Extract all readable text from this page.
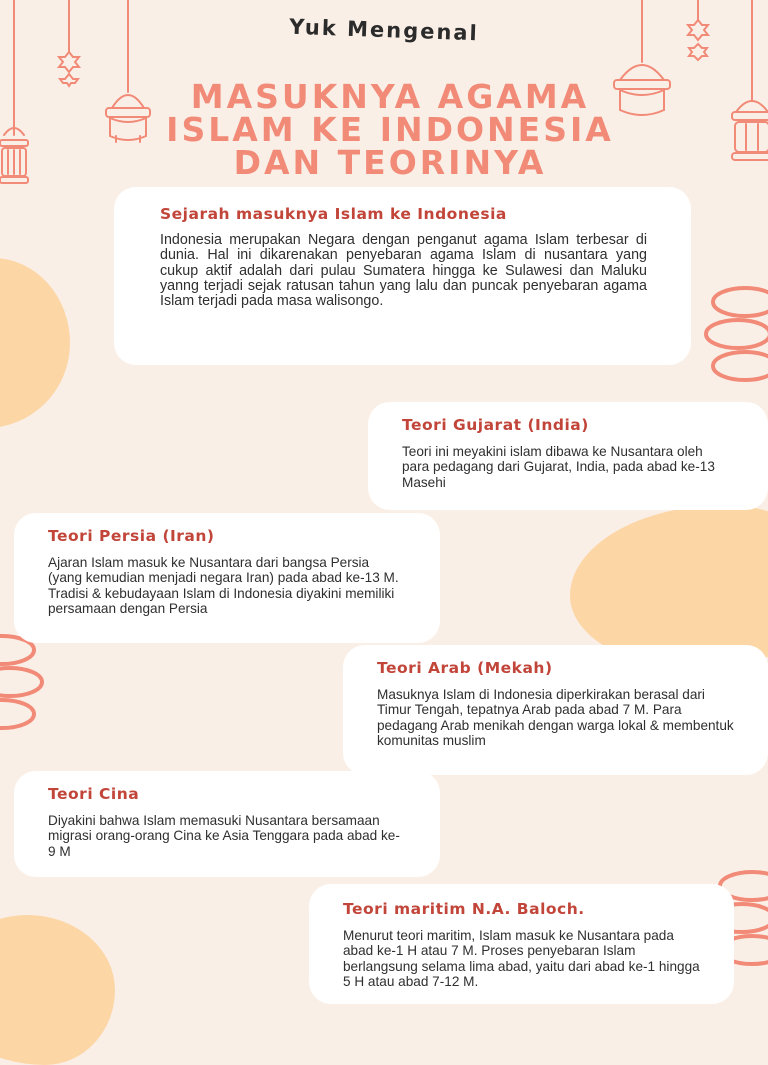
Yuk Mengenal
MASUKNYA AGAMA
ISLAM KE INDONESIA
DAN TEORINYA
Sejarah masuknya Islam ke Indonesia

Indonesia merupakan Negara dengan penganut agama Islam terbesar di dunia. Hal ini dikarenakan penyebaran agama Islam di nusantara yang cukup aktif adalah dari pulau Sumatera hingga ke Sulawesi dan Maluku yanng terjadi sejak ratusan tahun yang lalu dan puncak penyebaran agama Islam terjadi pada masa walisongo.

Teori Gujarat (India)

Teori ini meyakini islam dibawa ke Nusantara oleh para pedagang dari Gujarat, India, pada abad ke-13 Masehi

Teori Persia (Iran)

Ajaran Islam masuk ke Nusantara dari bangsa Persia (yang kemudian menjadi negara Iran) pada abad ke-13 M. Tradisi & kebudayaan Islam di Indonesia diyakini memiliki persamaan dengan Persia

Teori Arab (Mekah)

Masuknya Islam di Indonesia diperkirakan berasal dari Timur Tengah, tepatnya Arab pada abad 7 M. Para pedagang Arab menikah dengan warga lokal & membentuk komunitas muslim

Teori Cina

Diyakini bahwa Islam memasuki Nusantara bersamaan migrasi orang-orang Cina ke Asia Tenggara pada abad ke-9 M

Teori maritim N.A. Baloch.

Menurut teori maritim, Islam masuk ke Nusantara pada abad ke-1 H atau 7 M. Proses penyebaran Islam berlangsung selama lima abad, yaitu dari abad ke-1 hingga 5 H atau abad 7-12 M.
